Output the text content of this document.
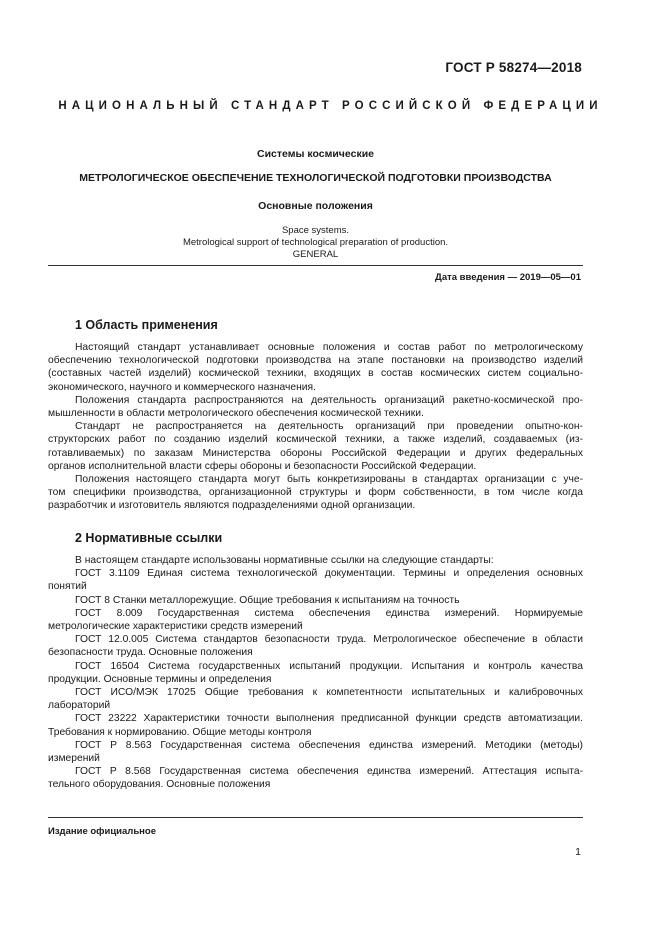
ГОСТ Р 58274—2018
НАЦИОНАЛЬНЫЙ СТАНДАРТ РОССИЙСКОЙ ФЕДЕРАЦИИ
Системы космические
МЕТРОЛОГИЧЕСКОЕ ОБЕСПЕЧЕНИЕ ТЕХНОЛОГИЧЕСКОЙ ПОДГОТОВКИ ПРОИЗВОДСТВА
Основные положения
Space systems.
Metrological support of technological preparation of production.
GENERAL
Дата введения — 2019—05—01
1 Область применения
Настоящий стандарт устанавливает основные положения и состав работ по метрологическому
обеспечению технологической подготовки производства на этапе постановки на производство изделий
(составных частей изделий) космической техники, входящих в состав космических систем социально-
экономического, научного и коммерческого назначения.
Положения стандарта распространяются на деятельность организаций ракетно-космической про-
мышленности в области метрологического обеспечения космической техники.
Стандарт не распространяется на деятельность организаций при проведении опытно-кон-
структорских работ по созданию изделий космической техники, а также изделий, создаваемых (из-
готавливаемых) по заказам Министерства обороны Российской Федерации и других федеральных
органов исполнительной власти сферы обороны и безопасности Российской Федерации.
Положения настоящего стандарта могут быть конкретизированы в стандартах организации с уче-
том специфики производства, организационной структуры и форм собственности, в том числе когда
разработчик и изготовитель являются подразделениями одной организации.
2 Нормативные ссылки
В настоящем стандарте использованы нормативные ссылки на следующие стандарты:
ГОСТ 3.1109 Единая система технологической документации. Термины и определения основных
понятий
ГОСТ 8 Станки металлорежущие. Общие требования к испытаниям на точность
ГОСТ 8.009 Государственная система обеспечения единства измерений. Нормируемые
метрологические характеристики средств измерений
ГОСТ 12.0.005 Система стандартов безопасности труда. Метрологическое обеспечение в области
безопасности труда. Основные положения
ГОСТ 16504 Система государственных испытаний продукции. Испытания и контроль качества
продукции. Основные термины и определения
ГОСТ ИСО/МЭК 17025 Общие требования к компетентности испытательных и калибровочных
лабораторий
ГОСТ 23222 Характеристики точности выполнения предписанной функции средств автоматизации.
Требования к нормированию. Общие методы контроля
ГОСТ Р 8.563 Государственная система обеспечения единства измерений. Методики (методы)
измерений
ГОСТ Р 8.568 Государственная система обеспечения единства измерений. Аттестация испыта-
тельного оборудования. Основные положения
Издание официальное
1
